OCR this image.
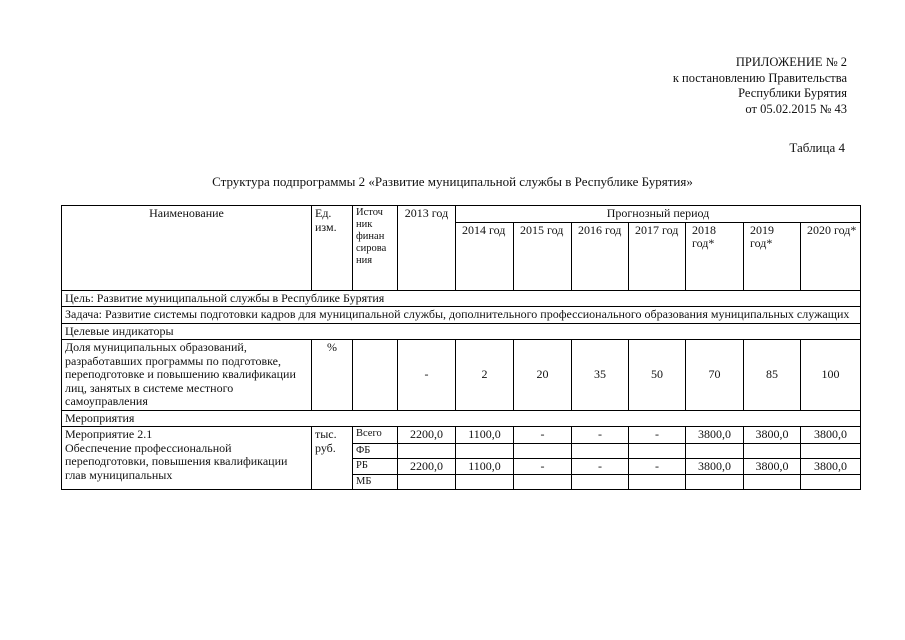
ПРИЛОЖЕНИЕ № 2
к постановлению Правительства
Республики Бурятия
от 05.02.2015 № 43
Таблица 4
Структура подпрограммы 2 «Развитие муниципальной службы в Республике Бурятия»
Наименование	Ед. изм.	Источ ник финан сирова ния	2013 год	Прогнозный период						
				2014 год	2015 год	2016 год	2017 год	2018 год*	2019 год*	2020 год*
Цель: Развитие муниципальной службы в Республике Бурятия										
Задача: Развитие системы подготовки кадров для муниципальной службы, дополнительного профессионального образования муниципальных служащих										
Целевые индикаторы										
Доля муниципальных образований, разработавших программы по подготовке, переподготовке и повышению квалификации лиц, занятых в системе местного самоуправления	%		-	2	20	35	50	70	85	100
Мероприятия										

Мероприятие 2.1
Обеспечение профессиональной переподготовки, повышения квалификации глав муниципальных	тыс. руб.	Всего	2200,0	1100,0	-	-	-	3800,0	3800,0	3800,0
		ФБ								
		РБ	2200,0	1100,0	-	-	-	3800,0	3800,0	3800,0
		МБ								
